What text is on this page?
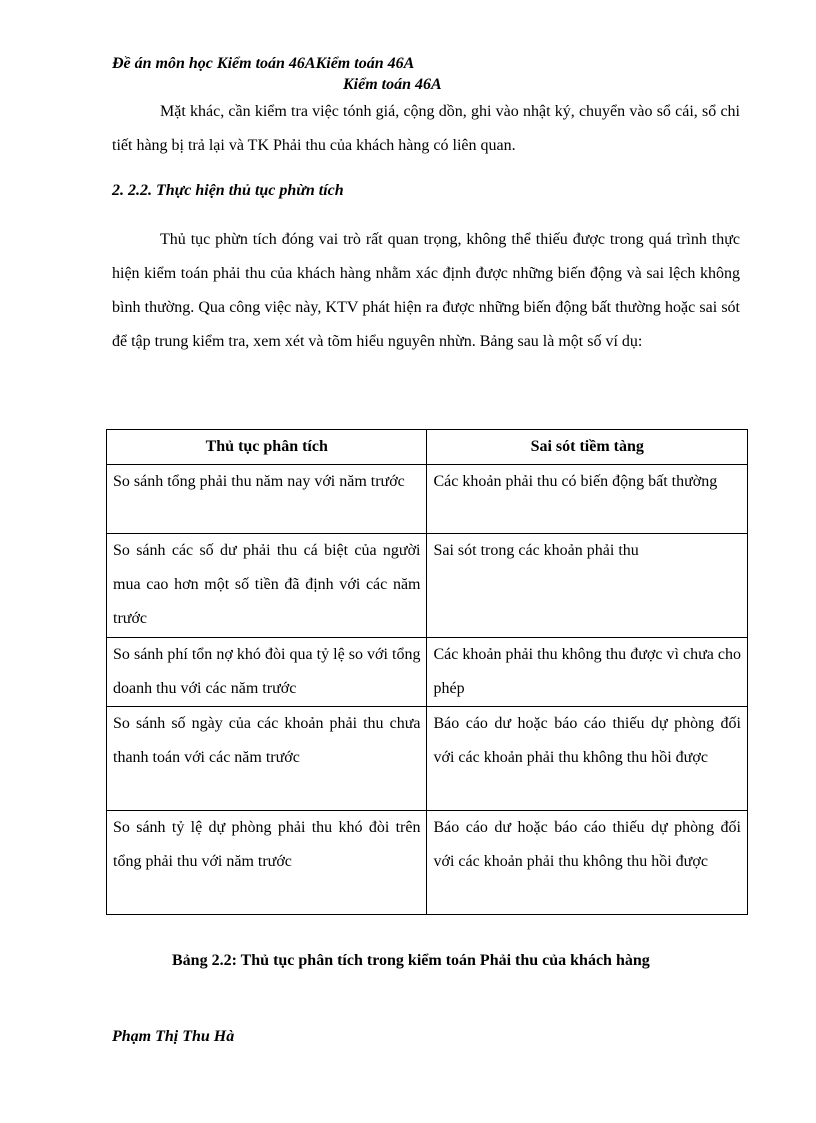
Đề án môn học Kiểm toán 46AKiểm toán 46A
Kiểm toán 46A

Mặt khác, cần kiểm tra việc tónh giá, cộng dồn, ghi vào nhật ký, chuyển vào sổ cái, sổ chi tiết hàng bị trả lại và TK Phải thu của khách hàng có liên quan.

2. 2.2. Thực hiện thủ tục phừn tích

Thủ tục phừn tích đóng vai trò rất quan trọng, không thể thiếu được trong quá trình thực hiện kiểm toán phải thu của khách hàng nhằm xác định được những biến động và sai lệch không bình thường. Qua công việc này, KTV phát hiện ra được những biến động bất thường hoặc sai sót để tập trung kiểm tra, xem xét và tõm hiểu nguyên nhừn. Bảng sau là một số ví dụ:

Thủ tục phân tích	Sai sót tiềm tàng
So sánh tổng phải thu năm nay với năm trước	Các khoản phải thu có biến động bất thường
So sánh các số dư phải thu cá biệt của người mua cao hơn một số tiền đã định với các năm trước	Sai sót trong các khoản phải thu
So sánh phí tổn nợ khó đòi qua tỷ lệ so với tổng doanh thu với các năm trước	Các khoản phải thu không thu được vì chưa cho phép
So sánh số ngày của các khoản phải thu chưa thanh toán với các năm trước	Báo cáo dư hoặc báo cáo thiếu dự phòng đối với các khoản phải thu không thu hồi được
So sánh tỷ lệ dự phòng phải thu khó đòi trên tổng phải thu với năm trước	Báo cáo dư hoặc báo cáo thiếu dự phòng đối với các khoản phải thu không thu hồi được
Bảng 2.2: Thủ tục phân tích trong kiểm toán Phải thu của khách hàng
Phạm Thị Thu Hà
